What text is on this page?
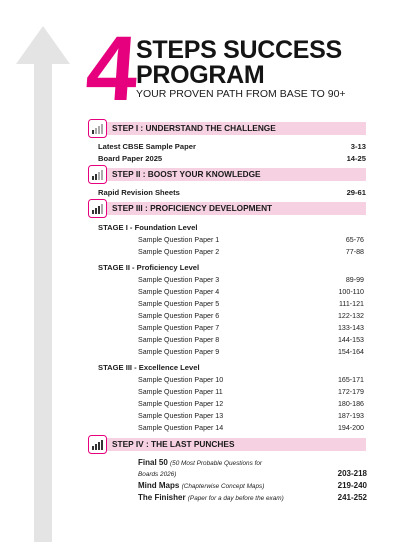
4
STEPS SUCCESS
PROGRAM
YOUR PROVEN PATH FROM BASE TO 90+
STEP I : UNDERSTAND THE CHALLENGE
Latest CBSE Sample Paper	3-13
Board Paper 2025	14-25
STEP II : BOOST YOUR KNOWLEDGE
Rapid Revision Sheets	29-61
STEP III : PROFICIENCY DEVELOPMENT
STAGE I - Foundation Level
Sample Question Paper 1	65-76
Sample Question Paper 2	77-88
STAGE II - Proficiency Level
Sample Question Paper 3	89-99
Sample Question Paper 4	100-110
Sample Question Paper 5	111-121
Sample Question Paper 6	122-132
Sample Question Paper 7	133-143
Sample Question Paper 8	144-153
Sample Question Paper 9	154-164
STAGE III - Excellence Level
Sample Question Paper 10	165-171
Sample Question Paper 11	172-179
Sample Question Paper 12	180-186
Sample Question Paper 13	187-193
Sample Question Paper 14	194-200
STEP IV : THE LAST PUNCHES
Final 50 (50 Most Probable Questions for
Boards 2026)	203-218
Mind Maps (Chapterwise Concept Maps)	219-240
The Finisher (Paper for a day before the exam)	241-252
